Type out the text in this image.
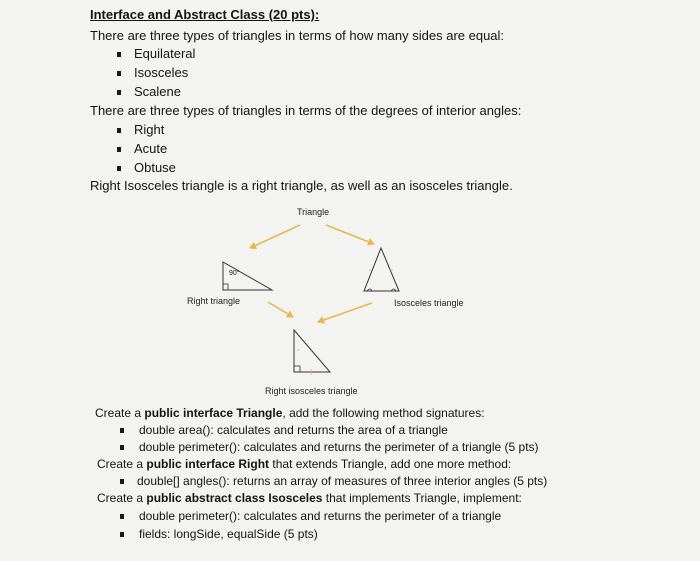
Interface and Abstract Class (20 pts):
There are three types of triangles in terms of how many sides are equal:
Equilateral
Isosceles
Scalene
There are three types of triangles in terms of the degrees of interior angles:
Right
Acute
Obtuse
Right Isosceles triangle is a right triangle, as well as an isosceles triangle.
Triangle
90°
Right triangle	Isosceles triangle
Right isosceles triangle
Create a public interface Triangle, add the following method signatures:
double area(): calculates and returns the area of a triangle
double perimeter(): calculates and returns the perimeter of a triangle (5 pts)
Create a public interface Right that extends Triangle, add one more method:
double[] angles(): returns an array of measures of three interior angles (5 pts)
Create a public abstract class Isosceles that implements Triangle, implement:
double perimeter(): calculates and returns the perimeter of a triangle
fields: longSide, equalSide (5 pts)
